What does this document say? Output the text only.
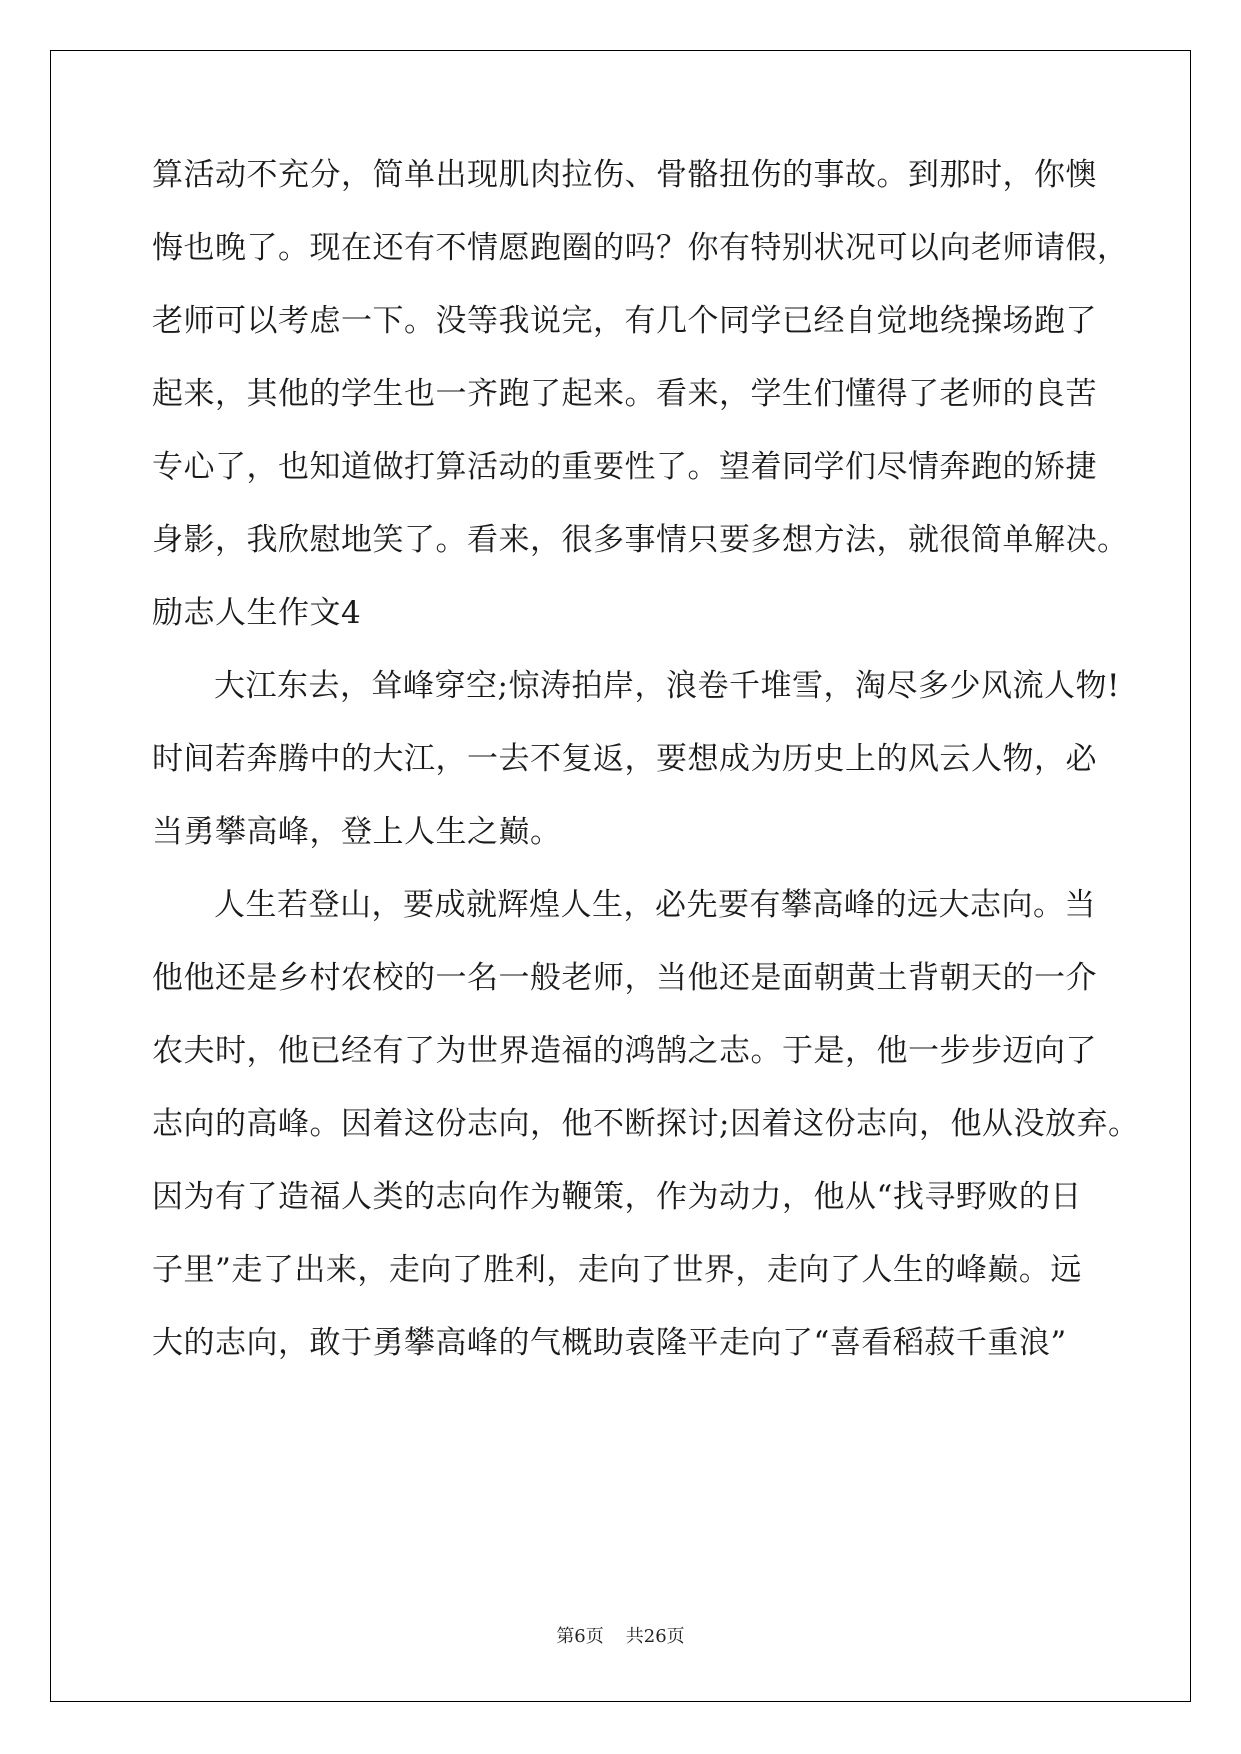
算活动不充分，简单出现肌肉拉伤、骨骼扭伤的事故。到那时，你懊
悔也晚了。现在还有不情愿跑圈的吗？你有特别状况可以向老师请假，
老师可以考虑一下。没等我说完，有几个同学已经自觉地绕操场跑了
起来，其他的学生也一齐跑了起来。看来，学生们懂得了老师的良苦
专心了，也知道做打算活动的重要性了。望着同学们尽情奔跑的矫捷
身影，我欣慰地笑了。看来，很多事情只要多想方法，就很简单解决。
励志人生作文4
大江东去，耸峰穿空;惊涛拍岸，浪卷千堆雪，淘尽多少风流人物!
时间若奔腾中的大江，一去不复返，要想成为历史上的风云人物，必
当勇攀高峰，登上人生之巅。
人生若登山，要成就辉煌人生，必先要有攀高峰的远大志向。当
他他还是乡村农校的一名一般老师，当他还是面朝黄土背朝天的一介
农夫时，他已经有了为世界造福的鸿鹄之志。于是，他一步步迈向了
志向的高峰。因着这份志向，他不断探讨;因着这份志向，他从没放弃。
因为有了造福人类的志向作为鞭策，作为动力，他从“找寻野败的日
子里”走了出来，走向了胜利，走向了世界，走向了人生的峰巅。远
大的志向，敢于勇攀高峰的气概助袁隆平走向了“喜看稻菽千重浪”
第6页 共26页
